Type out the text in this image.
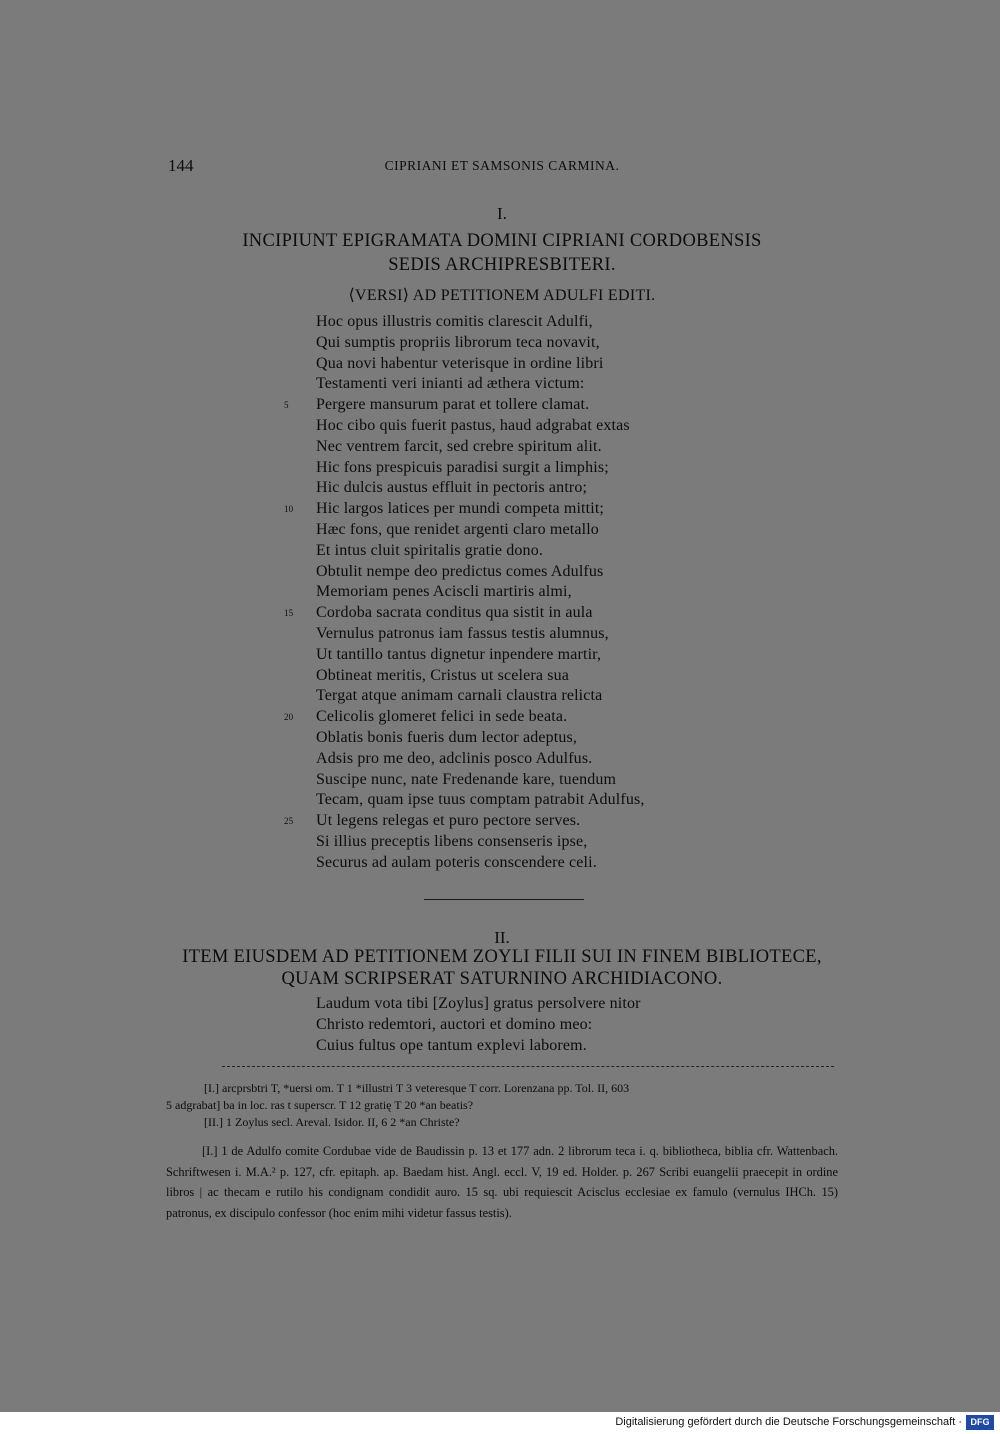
144	CIPRIANI ET SAMSONIS CARMINA.
I.
INCIPIUNT EPIGRAMATA DOMINI CIPRIANI CORDOBENSIS
SEDIS ARCHIPRESBITERI.
⟨VERSI⟩ AD PETITIONEM ADULFI EDITI.
Hoc opus illustris comitis clarescit Adulfi,
Qui sumptis propriis librorum teca novavit,
Qua novi habentur veterisque in ordine libri
Testamenti veri inianti ad æthera victum:
5	Pergere mansurum parat et tollere clamat.
Hoc cibo quis fuerit pastus, haud adgrabat extas
Nec ventrem farcit, sed crebre spiritum alit.
Hic fons prespicuis paradisi surgit a limphis;
Hic dulcis austus effluit in pectoris antro;
10	Hic largos latices per mundi competa mittit;
Hæc fons, que renidet argenti claro metallo
Et intus cluit spiritalis gratie dono.
Obtulit nempe deo predictus comes Adulfus
Memoriam penes Aciscli martiris almi,
15	Cordoba sacrata conditus qua sistit in aula
Vernulus patronus iam fassus testis alumnus,
Ut tantillo tantus dignetur inpendere martir,
Obtineat meritis, Cristus ut scelera sua
Tergat atque animam carnali claustra relicta
20	Celicolis glomeret felici in sede beata.
Oblatis bonis fueris dum lector adeptus,
Adsis pro me deo, adclinis posco Adulfus.
Suscipe nunc, nate Fredenande kare, tuendum
Tecam, quam ipse tuus comptam patrabit Adulfus,
25	Ut legens relegas et puro pectore serves.
Si illius preceptis libens consenseris ipse,
Securus ad aulam poteris conscendere celi.
II.
ITEM EIUSDEM AD PETITIONEM ZOYLI FILII SUI IN FINEM BIBLIOTECE,
QUAM SCRIPSERAT SATURNINO ARCHIDIACONO.
Laudum vota tibi [Zoylus] gratus persolvere nitor
Christo redemtori, auctori et domino meo:
Cuius fultus ope tantum explevi laborem.
[I.] arcprsbtri T, *uersi om. T 1 *illustri T 3 veteresque T corr. Lorenzana pp. Tol. II, 603
5 adgrabat] ba in loc. ras t superscr. T 12 gratię T 20 *an beatis?
[II.] 1 Zoylus secl. Areval. Isidor. II, 6 2 *an Christe?
[I.] 1 de Adulfo comite Cordubae vide de Baudissin p. 13 et 177 adn. 2 librorum teca i. q. bibliotheca, biblia cfr. Wattenbach. Schriftwesen i. M.A.² p. 127, cfr. epitaph. ap. Baedam hist. Angl. eccl. V, 19 ed. Holder. p. 267 Scribi euangelii praecepit in ordine libros | ac thecam e rutilo his condignam condidit auro. 15 sq. ubi requiescit Acisclus ecclesiae ex famulo (vernulus IHCh. 15) patronus, ex discipulo confessor (hoc enim mihi videtur fassus testis).
Digitalisierung gefördert durch die Deutsche Forschungsgemeinschaft · DFG
